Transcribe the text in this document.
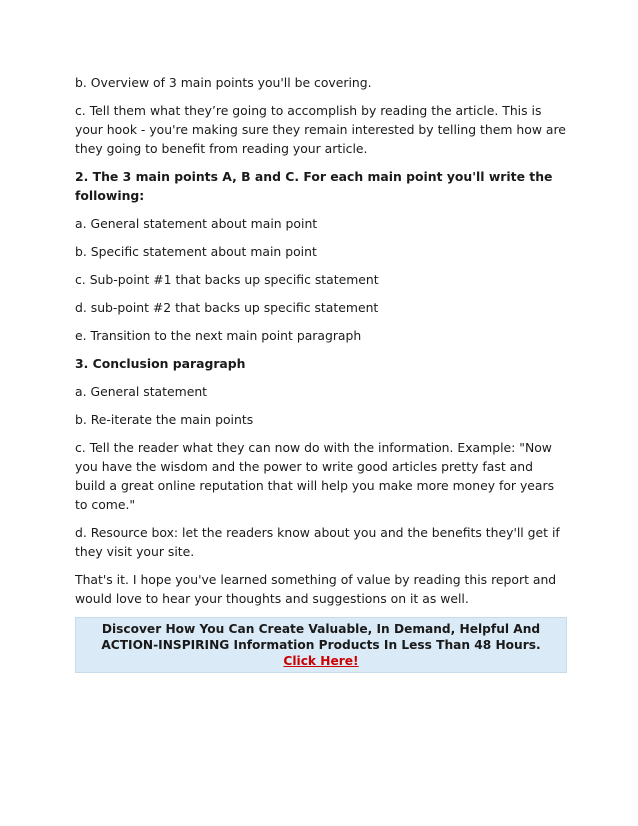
b. Overview of 3 main points you'll be covering.

c. Tell them what they’re going to accomplish by reading the article. This is your hook - you're making sure they remain interested by telling them how are they going to benefit from reading your article.

2. The 3 main points A, B and C. For each main point you'll write the following:

a. General statement about main point

b. Specific statement about main point

c. Sub-point #1 that backs up specific statement

d. sub-point #2 that backs up specific statement

e. Transition to the next main point paragraph

3. Conclusion paragraph

a. General statement

b. Re-iterate the main points

c. Tell the reader what they can now do with the information. Example: "Now you have the wisdom and the power to write good articles pretty fast and build a great online reputation that will help you make more money for years to come."

d. Resource box: let the readers know about you and the benefits they'll get if they visit your site.

That's it. I hope you've learned something of value by reading this report and would love to hear your thoughts and suggestions on it as well.

Discover How You Can Create Valuable, In Demand, Helpful And ACTION-INSPIRING Information Products In Less Than 48 Hours.
Click Here!
